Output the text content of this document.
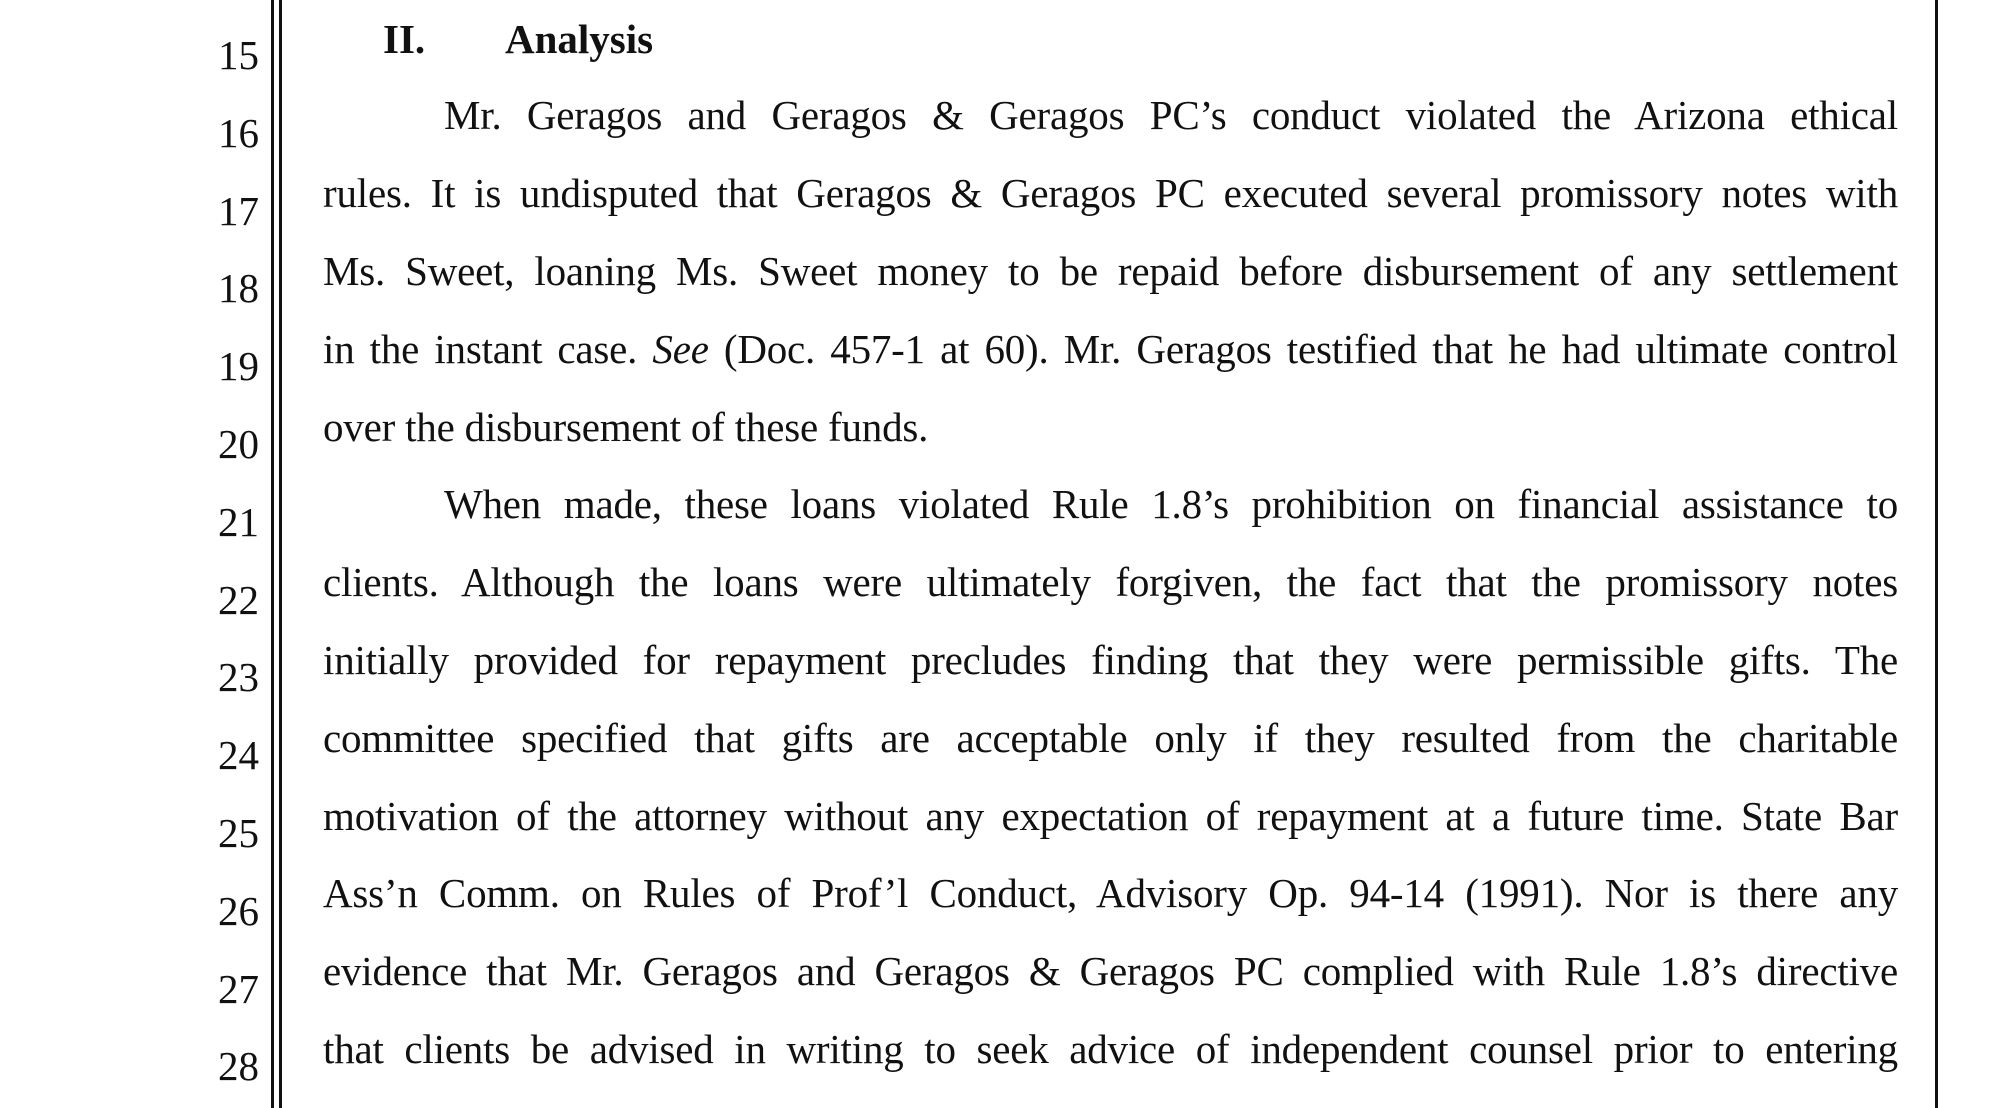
15
16
17
18
19
20
21
22
23
24
25
26
27
28
II. Analysis
Mr. Geragos and Geragos & Geragos PC’s conduct violated the Arizona ethical
rules. It is undisputed that Geragos & Geragos PC executed several promissory notes with
Ms. Sweet, loaning Ms. Sweet money to be repaid before disbursement of any settlement
in the instant case. See (Doc. 457-1 at 60). Mr. Geragos testified that he had ultimate control
over the disbursement of these funds.
When made, these loans violated Rule 1.8’s prohibition on financial assistance to
clients. Although the loans were ultimately forgiven, the fact that the promissory notes
initially provided for repayment precludes finding that they were permissible gifts. The
committee specified that gifts are acceptable only if they resulted from the charitable
motivation of the attorney without any expectation of repayment at a future time. State Bar
Ass’n Comm. on Rules of Prof’l Conduct, Advisory Op. 94-14 (1991). Nor is there any
evidence that Mr. Geragos and Geragos & Geragos PC complied with Rule 1.8’s directive
that clients be advised in writing to seek advice of independent counsel prior to entering
